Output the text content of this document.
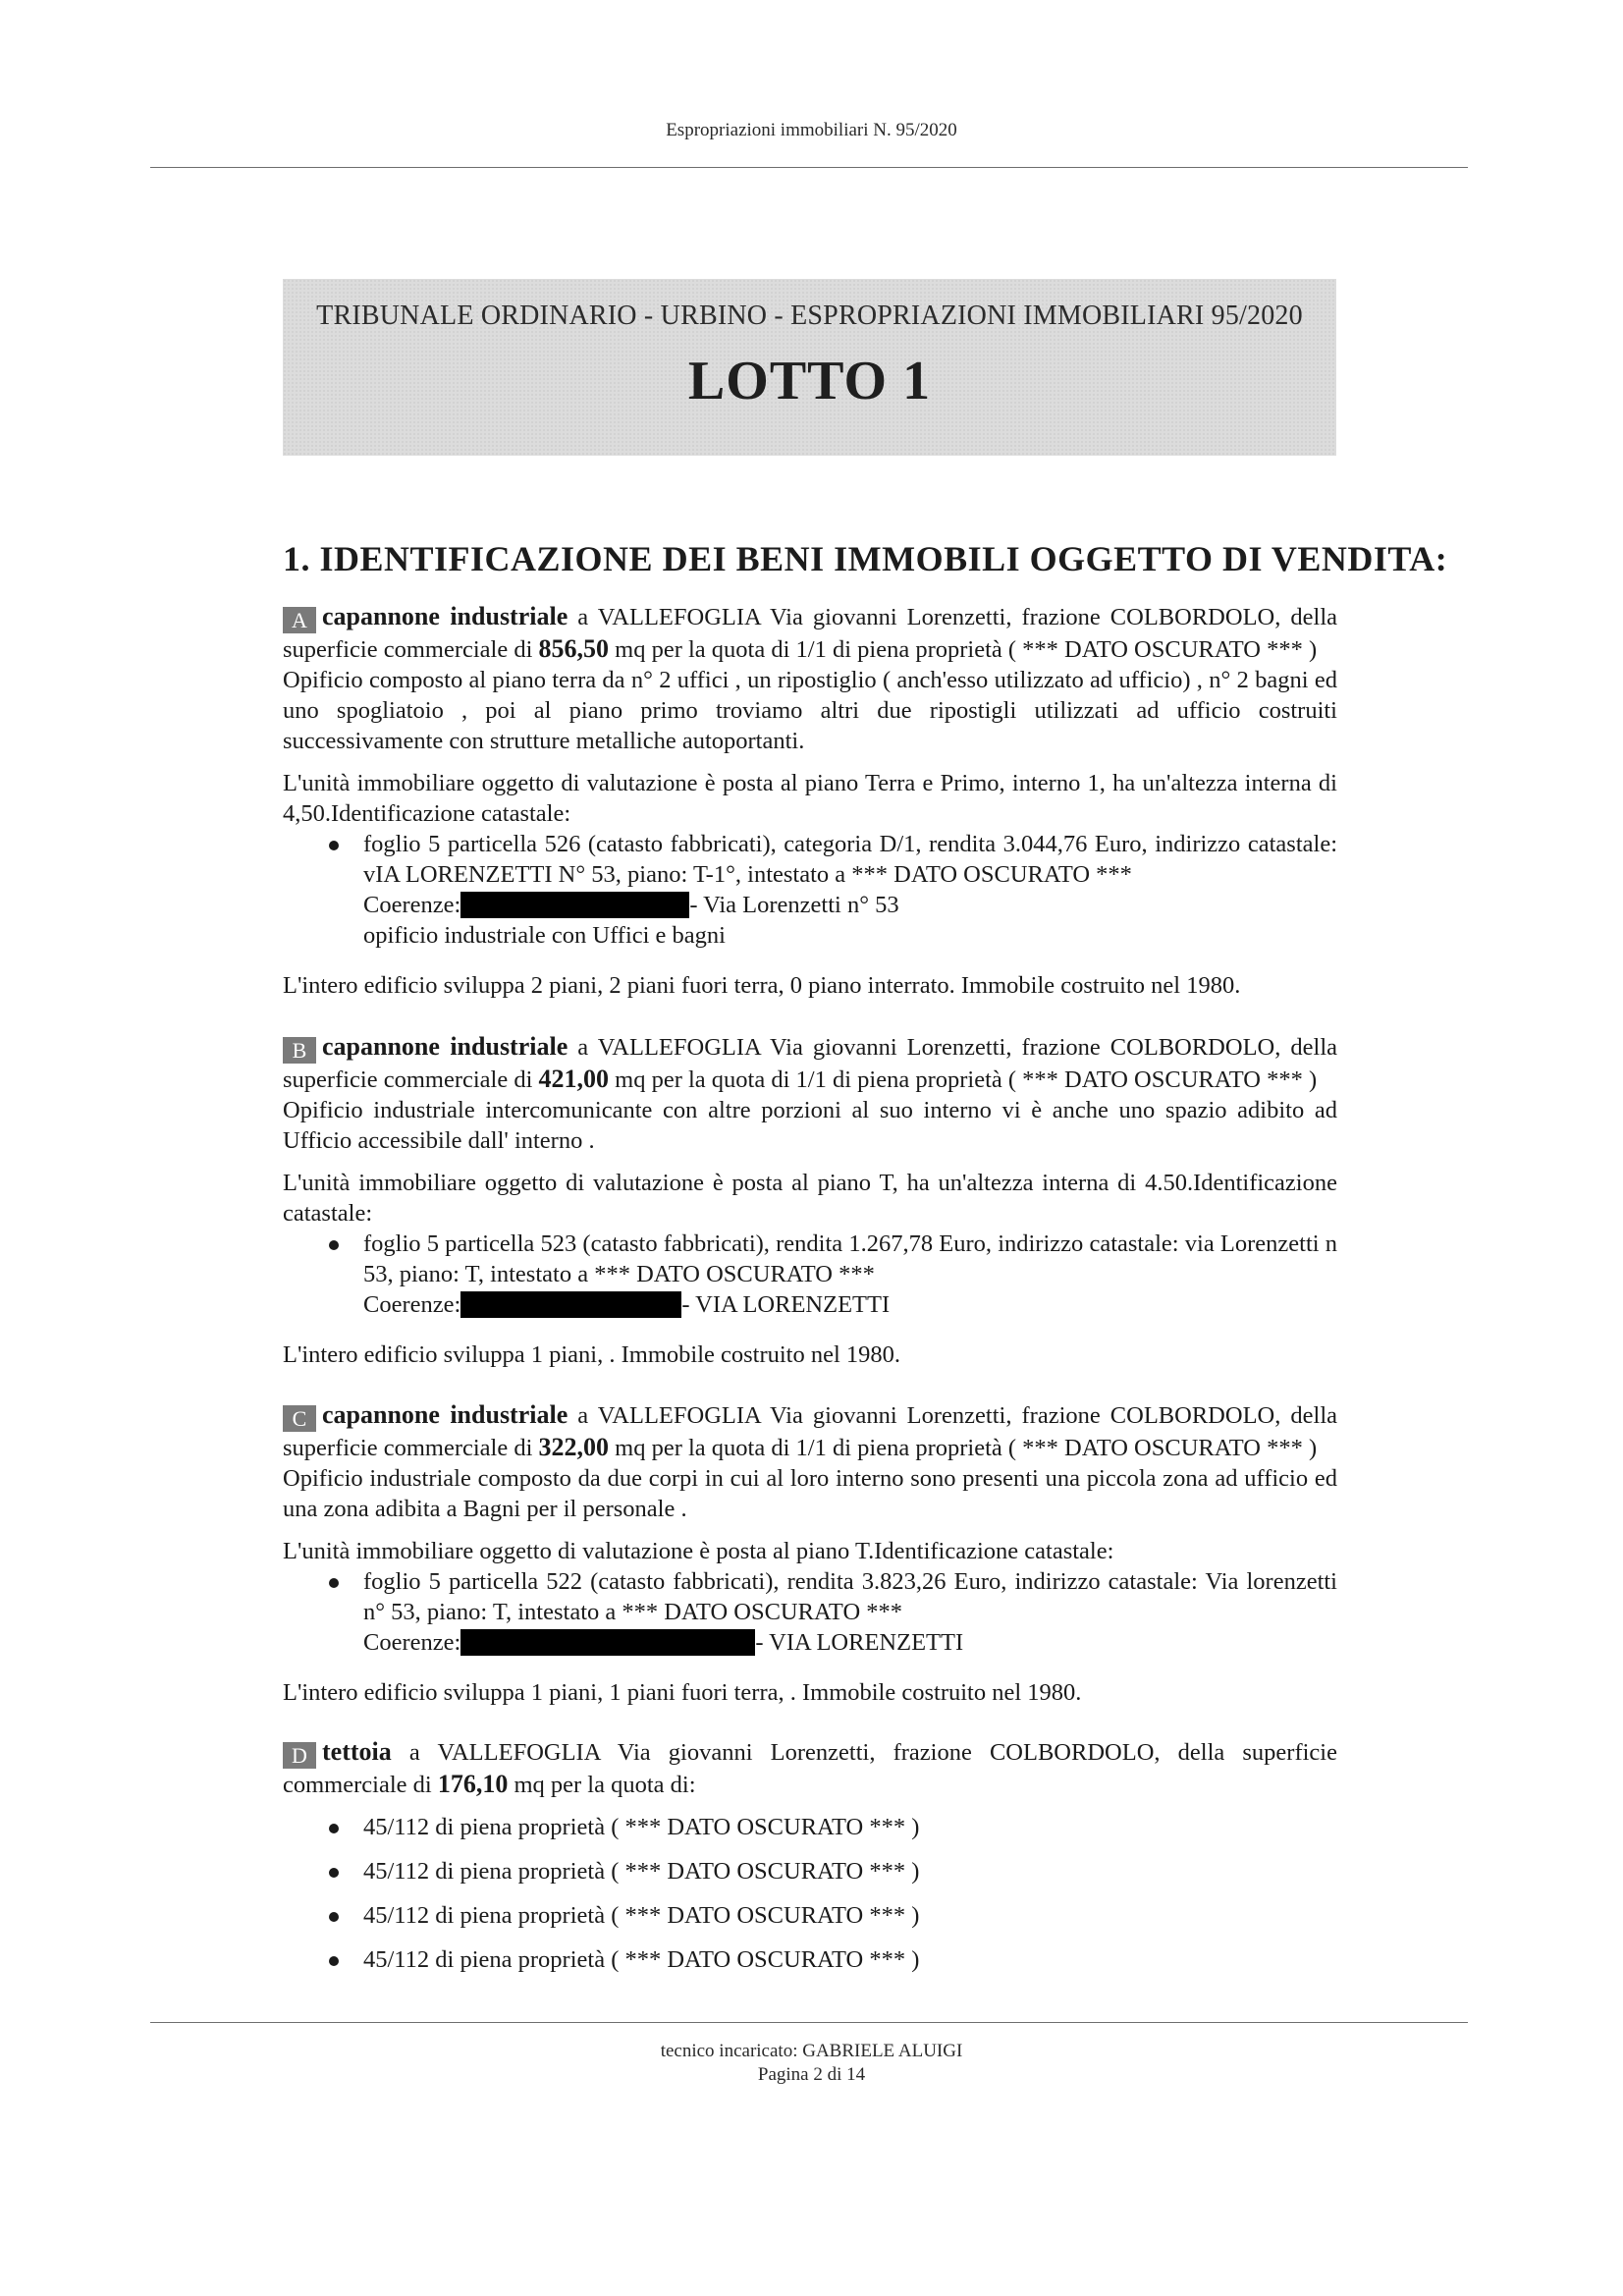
Espropriazioni immobiliari N. 95/2020
TRIBUNALE ORDINARIO - URBINO - ESPROPRIAZIONI IMMOBILIARI 95/2020
LOTTO 1
1. IDENTIFICAZIONE DEI BENI IMMOBILI OGGETTO DI VENDITA:

A capannone industriale a VALLEFOGLIA Via giovanni Lorenzetti, frazione COLBORDOLO, della superficie commerciale di 856,50 mq per la quota di 1/1 di piena proprietà ( *** DATO OSCURATO *** )

Opificio composto al piano terra da n° 2 uffici , un ripostiglio ( anch'esso utilizzato ad ufficio) , n° 2 bagni ed uno spogliatoio , poi al piano primo troviamo altri due ripostigli utilizzati ad ufficio costruiti successivamente con strutture metalliche autoportanti.

L'unità immobiliare oggetto di valutazione è posta al piano Terra e Primo, interno 1, ha un'altezza interna di 4,50.Identificazione catastale:

foglio 5 particella 526 (catasto fabbricati), categoria D/1, rendita 3.044,76 Euro, indirizzo catastale: vIA LORENZETTI N° 53, piano: T-1°, intestato a *** DATO OSCURATO ***
Coerenze:	- Via Lorenzetti n° 53
opificio industriale con Uffici e bagni

L'intero edificio sviluppa 2 piani, 2 piani fuori terra, 0 piano interrato. Immobile costruito nel 1980.

B capannone industriale a VALLEFOGLIA Via giovanni Lorenzetti, frazione COLBORDOLO, della superficie commerciale di 421,00 mq per la quota di 1/1 di piena proprietà ( *** DATO OSCURATO *** )

Opificio industriale intercomunicante con altre porzioni al suo interno vi è anche uno spazio adibito ad Ufficio accessibile dall' interno .

L'unità immobiliare oggetto di valutazione è posta al piano T, ha un'altezza interna di 4.50.Identificazione catastale:

foglio 5 particella 523 (catasto fabbricati), rendita 1.267,78 Euro, indirizzo catastale: via Lorenzetti n 53, piano: T, intestato a *** DATO OSCURATO ***
Coerenze:	- VIA LORENZETTI

L'intero edificio sviluppa 1 piani, . Immobile costruito nel 1980.

C capannone industriale a VALLEFOGLIA Via giovanni Lorenzetti, frazione COLBORDOLO, della superficie commerciale di 322,00 mq per la quota di 1/1 di piena proprietà ( *** DATO OSCURATO *** )

Opificio industriale composto da due corpi in cui al loro interno sono presenti una piccola zona ad ufficio ed una zona adibita a Bagni per il personale .

L'unità immobiliare oggetto di valutazione è posta al piano T.Identificazione catastale:

foglio 5 particella 522 (catasto fabbricati), rendita 3.823,26 Euro, indirizzo catastale: Via lorenzetti n° 53, piano: T, intestato a *** DATO OSCURATO ***
Coerenze:	- VIA LORENZETTI

L'intero edificio sviluppa 1 piani, 1 piani fuori terra, . Immobile costruito nel 1980.

D tettoia a VALLEFOGLIA Via giovanni Lorenzetti, frazione COLBORDOLO, della superficie commerciale di 176,10 mq per la quota di:

45/112 di piena proprietà ( *** DATO OSCURATO *** )
45/112 di piena proprietà ( *** DATO OSCURATO *** )
45/112 di piena proprietà ( *** DATO OSCURATO *** )
45/112 di piena proprietà ( *** DATO OSCURATO *** )
tecnico incaricato: GABRIELE ALUIGI
Pagina 2 di 14
